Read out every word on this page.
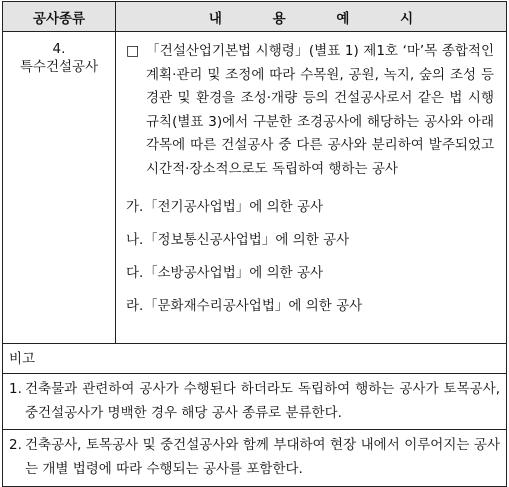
공사종류	내 용 예 시
4.
특수건설공사
□ 「건설산업기본법 시행령」(별표 1) 제1호 ‘마’목 종합적인 계획·관리 및 조정에 따라 수목원, 공원, 녹지, 숲의 조성 등 경관 및 환경을 조성·개량 등의 건설공사로서 같은 법 시행규칙(별표 3)에서 구분한 조경공사에 해당하는 공사와 아래 각목에 따른 건설공사 중 다른 공사와 분리하여 발주되었고 시간적·장소적으로도 독립하여 행하는 공사
가. 「전기공사업법」에 의한 공사
나. 「정보통신공사업법」에 의한 공사
다. 「소방공사업법」에 의한 공사
라. 「문화재수리공사업법」에 의한 공사
비고
1. 건축물과 관련하여 공사가 수행된다 하더라도 독립하여 행하는 공사가 토목공사, 중건설공사가 명백한 경우 해당 공사 종류로 분류한다.
2. 건축공사, 토목공사 및 중건설공사와 함께 부대하여 현장 내에서 이루어지는 공사는 개별 법령에 따라 수행되는 공사를 포함한다.
